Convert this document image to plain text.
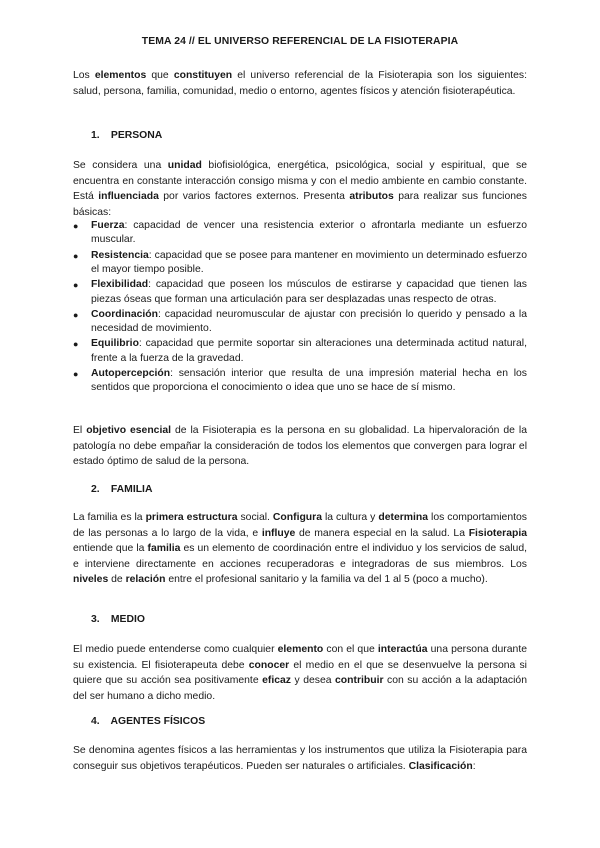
TEMA 24 // EL UNIVERSO REFERENCIAL DE LA FISIOTERAPIA

Los elementos que constituyen el universo referencial de la Fisioterapia son los siguientes: salud, persona, familia, comunidad, medio o entorno, agentes físicos y atención fisioterapéutica.

1. PERSONA

Se considera una unidad biofisiológica, energética, psicológica, social y espiritual, que se encuentra en constante interacción consigo misma y con el medio ambiente en cambio constante. Está influenciada por varios factores externos. Presenta atributos para realizar sus funciones básicas:

● Fuerza: capacidad de vencer una resistencia exterior o afrontarla mediante un esfuerzo muscular.
● Resistencia: capacidad que se posee para mantener en movimiento un determinado esfuerzo el mayor tiempo posible.
● Flexibilidad: capacidad que poseen los músculos de estirarse y capacidad que tienen las piezas óseas que forman una articulación para ser desplazadas unas respecto de otras.
● Coordinación: capacidad neuromuscular de ajustar con precisión lo querido y pensado a la necesidad de movimiento.
● Equilibrio: capacidad que permite soportar sin alteraciones una determinada actitud natural, frente a la fuerza de la gravedad.
● Autopercepción: sensación interior que resulta de una impresión material hecha en los sentidos que proporciona el conocimiento o idea que uno se hace de sí mismo.

El objetivo esencial de la Fisioterapia es la persona en su globalidad. La hipervaloración de la patología no debe empañar la consideración de todos los elementos que convergen para lograr el estado óptimo de salud de la persona.

2. FAMILIA

La familia es la primera estructura social. Configura la cultura y determina los comportamientos de las personas a lo largo de la vida, e influye de manera especial en la salud. La Fisioterapia entiende que la familia es un elemento de coordinación entre el individuo y los servicios de salud, e interviene directamente en acciones recuperadoras e integradoras de sus miembros. Los niveles de relación entre el profesional sanitario y la familia va del 1 al 5 (poco a mucho).

3. MEDIO

El medio puede entenderse como cualquier elemento con el que interactúa una persona durante su existencia. El fisioterapeuta debe conocer el medio en el que se desenvuelve la persona si quiere que su acción sea positivamente eficaz y desea contribuir con su acción a la adaptación del ser humano a dicho medio.

4. AGENTES FÍSICOS

Se denomina agentes físicos a las herramientas y los instrumentos que utiliza la Fisioterapia para conseguir sus objetivos terapéuticos. Pueden ser naturales o artificiales. Clasificación:
